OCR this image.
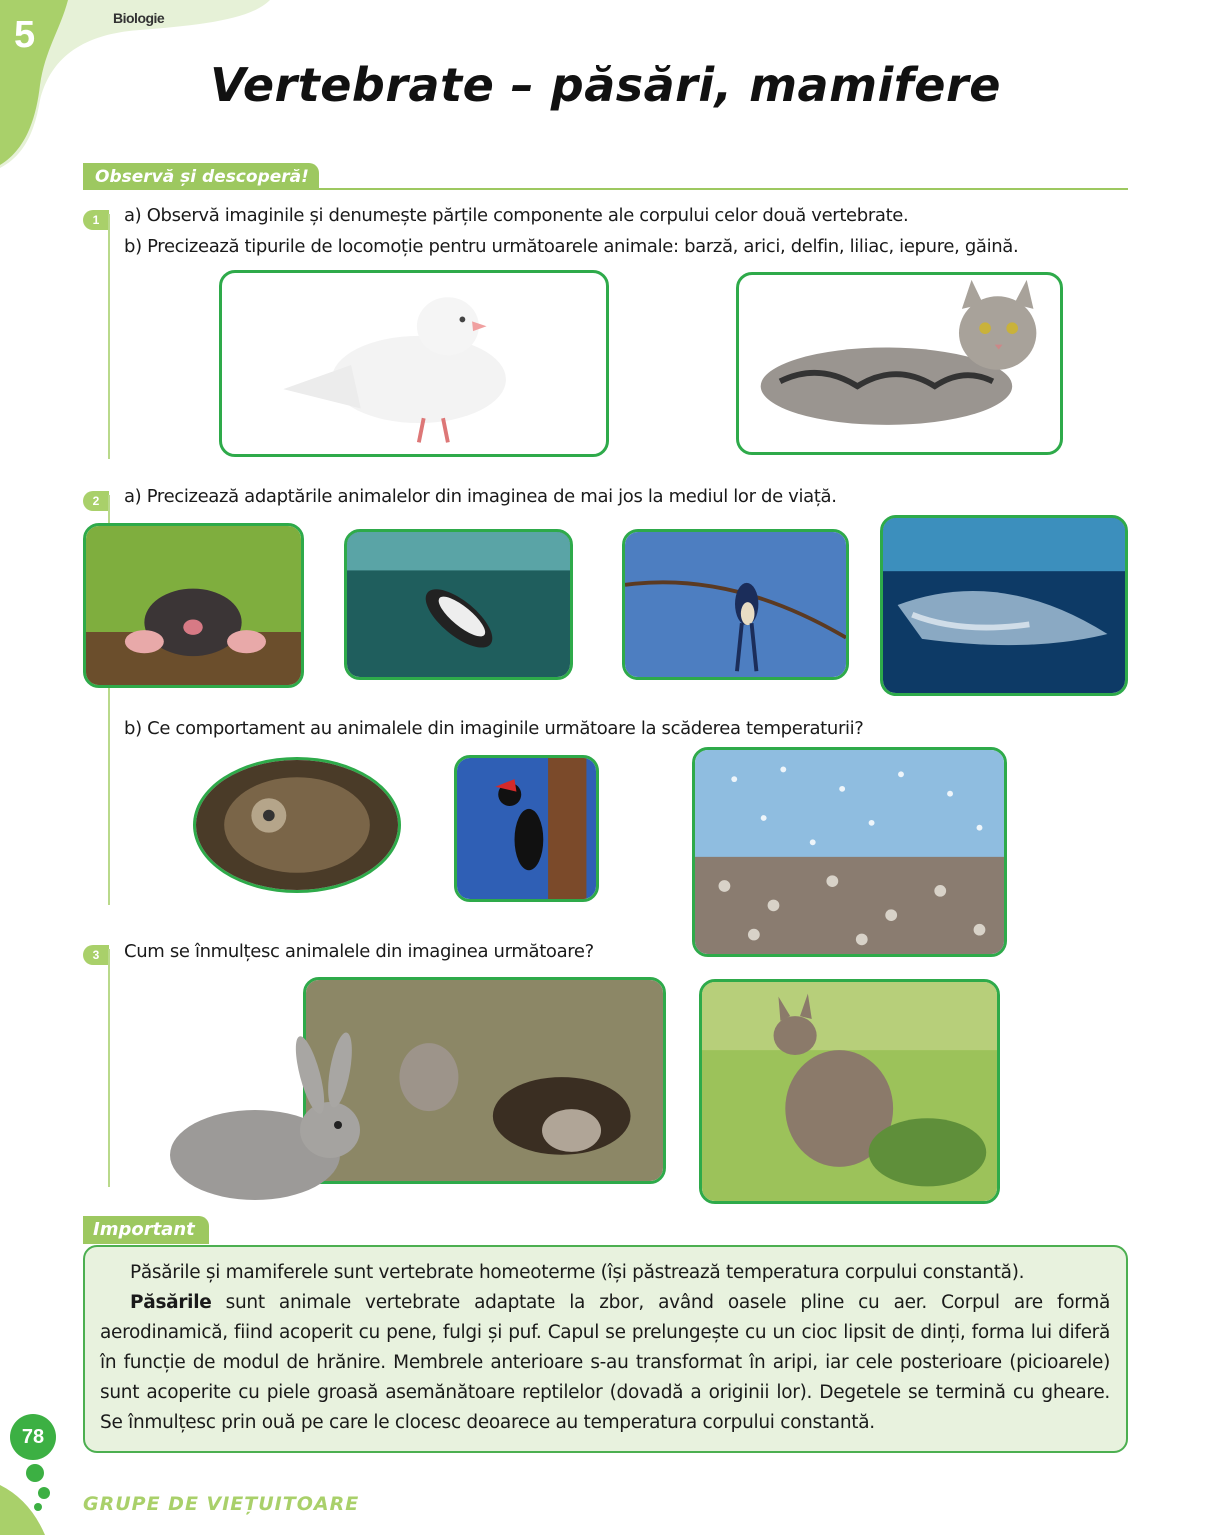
5	Biologie
Vertebrate – păsări, mamifere
Observă și descoperă!
1	a) Observă imaginile și denumește părțile componente ale corpului celor două vertebrate.
b) Precizează tipurile de locomoție pentru următoarele animale: barză, arici, delfin, liliac, iepure, găină.
2	a) Precizează adaptările animalelor din imaginea de mai jos la mediul lor de viață.
b) Ce comportament au animalele din imaginile următoare la scăderea temperaturii?
3	Cum se înmulțesc animalele din imaginea următoare?
Important
Păsările și mamiferele sunt vertebrate homeoterme (își păstrează temperatura corpului constantă).
Păsările sunt animale vertebrate adaptate la zbor, având oasele pline cu aer. Corpul are formă aerodinamică, fiind acoperit cu pene, fulgi și puf. Capul se prelungește cu un cioc lipsit de dinți, forma lui diferă în funcție de modul de hrănire. Membrele anterioare s-au transformat în aripi, iar cele posterioare (picioarele) sunt acoperite cu piele groasă asemănătoare reptilelor (dovadă a originii lor). Degetele se termină cu gheare. Se înmulțesc prin ouă pe care le clocesc deoarece au temperatura corpului constantă.
78
GRUPE DE VIEȚUITOARE
